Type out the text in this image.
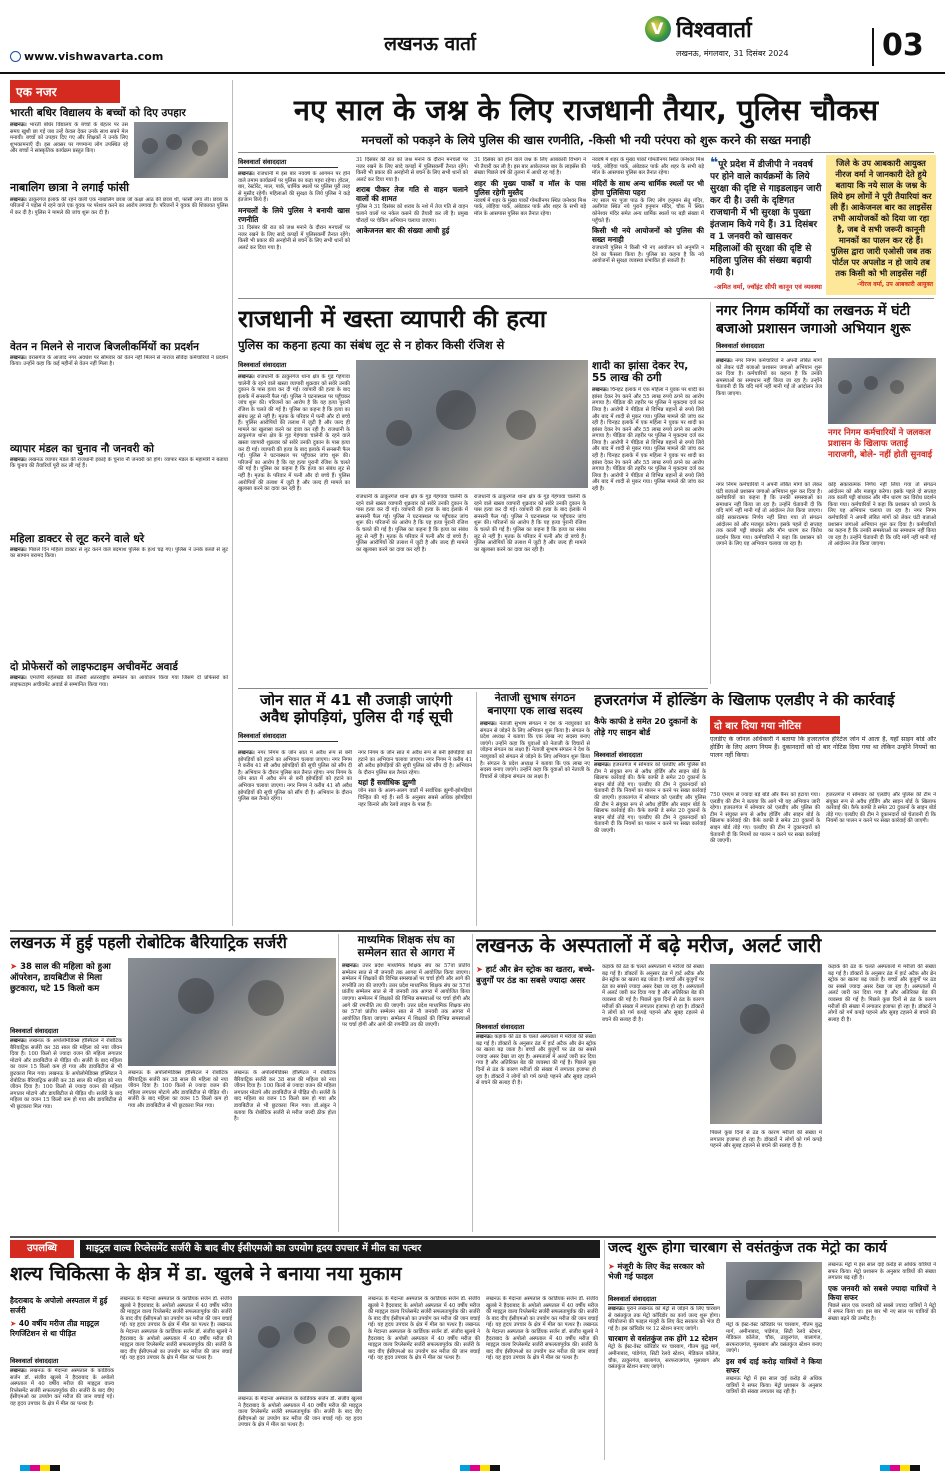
www.vishwavarta.com
लखनऊ वार्ता
V विश्ववार्ता
लखनऊ, मंगलवार, 31 दिसंबर 2024	03
एक नजर
भारती बधिर विद्यालय के बच्चों को दिए उपहार
लखनऊ। भारती बधिर विद्यालय के बच्चों के बेहतर पर उस समय खुशी छा गई जब उन्हें केवल देकर उनके साथ सबने मेल मनायी। बच्चों को उपहार दिए गए और शिक्षकों ने उनके लिए शुभकामनाएँ दी। इस अवसर पर गणमान्य लोग उपस्थित रहे और बच्चों ने सांस्कृतिक कार्यक्रम प्रस्तुत किए।
नाबालिग छात्रा ने लगाई फांसी
लखनऊ। ठाकुरगंज इलाके की रहने वाली एक नाबालिग छात्रा जो कक्षा आठ की छात्रा थी, फांसी लगा ली। छात्रा के परिजनों ने पड़ोस में रहने वाले एक युवक पर परेशान करने का आरोप लगाया है। परिजनों ने युवक की शिकायत पुलिस में कर दी है। पुलिस ने मामले की जांच शुरू कर दी है।
वेतन न मिलने से नाराज बिजलीकर्मियों का प्रदर्शन
लखनऊ। वरासगंज के आजाद नगर अवधेश पर सोमवार को वेतन नहीं मिलने से नाराज संविदा कर्मचारियों ने प्रदर्शन किया। उन्होंने कहा कि कई महीनों से वेतन नहीं मिला है।
व्यापार मंडल का चुनाव नौ जनवरी को
लखनऊ। लखनऊ व्यापार मंडल की राजधानी इकाई के चुनाव नौ जनवरी को होंगे। व्यापार मंडल के महामंत्री ने बताया कि चुनाव की तैयारियाँ पूरी कर ली गई हैं।
महिला डाक्टर से लूट करने वाले धरे
लखनऊ। पिछले दिन महिला डाक्टर से लूट करने वाले बदमाश पुलिस के हत्थे चढ़ गए। पुलिस ने उनके कब्जे से लूट का सामान बरामद किया।
दो प्रोफेसरों को लाइफटाइम अचीवमेंट अवार्ड
लखनऊ। एमजेपी रुहेलखंड की तीसरी अंतरराष्ट्रीय सम्मेलन का आयोजन किया गया जिसमें दो प्रोफेसरों को लाइफटाइम अचीवमेंट अवार्ड से सम्मानित किया गया।
नए साल के जश्न के लिए राजधानी तैयार, पुलिस चौकस
मनचलों को पकड़ने के लिये पुलिस की खास रणनीति, -किसी भी नयी परंपरा को शुरू करने की सख्त मनाही
विश्ववार्ता संवाददाता
लखनऊ। राजधानी में इस बार नववर्ष के आगमन पर होने वाले तमाम कार्यक्रमों पर पुलिस का कड़ा पहरा रहेगा। होटल, बार, रेस्टोरेंट, माल, पार्क, धार्मिक स्थलों पर पुलिस पूरी तरह से मुस्तैद रहेगी। महिलाओं की सुरक्षा के लिये पुलिस ने कड़े इंतजाम किये हैं।
मनचलों के लिये पुलिस ने बनायी खास रणनीति
31 दिसंबर की रात को जश्न मनाने के दौरान मनचलों पर नजर रखने के लिए सादे कपड़ों में पुलिसकर्मी तैनात रहेंगे। किसी भी प्रकार की अनहोनी से बचने के लिए सभी थानों को अलर्ट कर दिया गया है।
31 दिसंबर की रात को जश्न मनाने के दौरान मनचलों पर नजर रखने के लिए सादे कपड़ों में पुलिसकर्मी तैनात रहेंगे। किसी भी प्रकार की अनहोनी से बचने के लिए सभी थानों को अलर्ट कर दिया गया है।
शराब पीकर तेज गति से वाहन चलाने वालों की शामत
पुलिस ने 31 दिसंबर को शराब के नशे में तेज गति से वाहन चलाने वालों पर नकेल कसने की तैयारी कर ली है। प्रमुख चौराहों पर चेकिंग अभियान चलाया जाएगा।
आकेजनल बार की संख्या आधी हुई
31 दिसंबर को होने वाले जश्न के लिए आबकारी विभाग ने भी तैयारी कर ली है। इस बार आकेजनल बार के लाइसेंस की संख्या पिछले वर्ष की तुलना में आधी रह गई है।
शहर की मुख्य पार्कों व मॉल के पास पुलिस रहेगी मुस्तैद
नववर्ष में शहर के मुख्य पार्कों गोमतीनगर स्थित जनेश्वर मिश्र पार्क, लोहिया पार्क, अंबेडकर पार्क और शहर के सभी बड़े मॉल के आसपास पुलिस बल तैनात रहेगा।
नववर्ष में शहर के मुख्य पार्कों गोमतीनगर स्थित जनेश्वर मिश्र पार्क, लोहिया पार्क, अंबेडकर पार्क और शहर के सभी बड़े मॉल के आसपास पुलिस बल तैनात रहेगा।
मंदिरों के साथ अन्य धार्मिक स्थलों पर भी होगा पुलिसिया पहरा
नए साल पर पूजा पाठ के लिए लोग हनुमान सेतु मंदिर, अलीगंज स्थित नये पुराने हनुमान मंदिर, चौक में स्थित कोनेश्वर मंदिर समेत अन्य धार्मिक स्थलों पर बड़ी संख्या में पहुँचते हैं।
किसी भी नये आयोजनों को पुलिस की सख्त मनाही
राजधानी पुलिस ने किसी भी नए आयोजन को अनुमति न देने का फैसला किया है। पुलिस का कहना है कि नये आयोजनों से सुरक्षा व्यवस्था प्रभावित हो सकती है।
❝पूरे प्रदेश में डीजीपी ने नववर्ष पर होने वाले कार्यक्रमों के लिये सुरक्षा की दृष्टि से गाइडलाइन जारी कर दी है। उसी के दृष्टिगत राजधानी में भी सुरक्षा के पुख्ता इंतजाम किये गये हैं। 31 दिसंबर व 1 जनवरी को खासकर महिलाओं की सुरक्षा की दृष्टि से महिला पुलिस की संख्या बढ़ायी गयी है।
-अमित वर्मा, ज्वॉइंट सीपी कानून एवं व्यवस्था
जिले के उप आबकारी आयुक्त नीरज वर्मा ने जानकारी देते हुये बताया कि नये साल के जश्न के लिये हम लोगों ने पूरी तैयारियां कर ली हैं। आकेजनल बार का लाइसेंस तभी आयोजकों को दिया जा रहा है, जब वे सभी जरूरी कानूनी मानकों का पालन कर रहे हैं। पुलिस द्वारा जारी एओसी जब तक पोर्टल पर अपलोड न हो जाये तब तक किसी को भी लाइसेंस नहीं
-नीरज वर्मा, उप आबकारी आयुक्त
राजधानी में खस्ता व्यापारी की हत्या
पुलिस का कहना हत्या का संबंध लूट से न होकर किसी रंजिश से
विश्ववार्ता संवाददाता
लखनऊ। राजधानी के ठाकुरगंज थाना क्षेत्र के गुड़ गेहंगावा चालेनी के रहने वाले खस्ता व्यापारी शुक्रवार को सवेरे उनकी दुकान के पास हत्या कर दी गई। व्यापारी की हत्या के बाद इलाके में सनसनी फैल गई। पुलिस ने घटनास्थल पर पहुँचकर जांच शुरू की। परिजनों का आरोप है कि यह हत्या पुरानी रंजिश के चलते की गई है। पुलिस का कहना है कि हत्या का संबंध लूट से नहीं है। मृतक के परिवार में पत्नी और दो बच्चे हैं। पुलिस आरोपियों की तलाश में जुटी है और जल्द ही मामले का खुलासा करने का दावा कर रही है। राजधानी के ठाकुरगंज थाना क्षेत्र के गुड़ गेहंगावा चालेनी के रहने वाले खस्ता व्यापारी शुक्रवार को सवेरे उनकी दुकान के पास हत्या कर दी गई। व्यापारी की हत्या के बाद इलाके में सनसनी फैल गई। पुलिस ने घटनास्थल पर पहुँचकर जांच शुरू की। परिजनों का आरोप है कि यह हत्या पुरानी रंजिश के चलते की गई है। पुलिस का कहना है कि हत्या का संबंध लूट से नहीं है। मृतक के परिवार में पत्नी और दो बच्चे हैं। पुलिस आरोपियों की तलाश में जुटी है और जल्द ही मामले का खुलासा करने का दावा कर रही है।
राजधानी के ठाकुरगंज थाना क्षेत्र के गुड़ गेहंगावा चालेनी के रहने वाले खस्ता व्यापारी शुक्रवार को सवेरे उनकी दुकान के पास हत्या कर दी गई। व्यापारी की हत्या के बाद इलाके में सनसनी फैल गई। पुलिस ने घटनास्थल पर पहुँचकर जांच शुरू की। परिजनों का आरोप है कि यह हत्या पुरानी रंजिश के चलते की गई है। पुलिस का कहना है कि हत्या का संबंध लूट से नहीं है। मृतक के परिवार में पत्नी और दो बच्चे हैं। पुलिस आरोपियों की तलाश में जुटी है और जल्द ही मामले का खुलासा करने का दावा कर रही है।
राजधानी के ठाकुरगंज थाना क्षेत्र के गुड़ गेहंगावा चालेनी के रहने वाले खस्ता व्यापारी शुक्रवार को सवेरे उनकी दुकान के पास हत्या कर दी गई। व्यापारी की हत्या के बाद इलाके में सनसनी फैल गई। पुलिस ने घटनास्थल पर पहुँचकर जांच शुरू की। परिजनों का आरोप है कि यह हत्या पुरानी रंजिश के चलते की गई है। पुलिस का कहना है कि हत्या का संबंध लूट से नहीं है। मृतक के परिवार में पत्नी और दो बच्चे हैं। पुलिस आरोपियों की तलाश में जुटी है और जल्द ही मामले का खुलासा करने का दावा कर रही है।
शादी का झांसा देकर रेप, 55 लाख की ठगी
लखनऊ। चिनहट इलाके में एक महिला ने युवक पर शादी का झांसा देकर रेप करने और 55 लाख रुपये ठगने का आरोप लगाया है। पीड़िता की तहरीर पर पुलिस ने मुकदमा दर्ज कर लिया है। आरोपी ने पीड़िता से विभिन्न बहानों से रुपये लिये और बाद में शादी से मुकर गया। पुलिस मामले की जांच कर रही है। चिनहट इलाके में एक महिला ने युवक पर शादी का झांसा देकर रेप करने और 55 लाख रुपये ठगने का आरोप लगाया है। पीड़िता की तहरीर पर पुलिस ने मुकदमा दर्ज कर लिया है। आरोपी ने पीड़िता से विभिन्न बहानों से रुपये लिये और बाद में शादी से मुकर गया। पुलिस मामले की जांच कर रही है। चिनहट इलाके में एक महिला ने युवक पर शादी का झांसा देकर रेप करने और 55 लाख रुपये ठगने का आरोप लगाया है। पीड़िता की तहरीर पर पुलिस ने मुकदमा दर्ज कर लिया है। आरोपी ने पीड़िता से विभिन्न बहानों से रुपये लिये और बाद में शादी से मुकर गया। पुलिस मामले की जांच कर रही है।
नगर निगम कर्मियों का लखनऊ में घंटी बजाओ प्रशासन जगाओ अभियान शुरू
विश्ववार्ता संवाददाता
लखनऊ। नगर निगम कर्मचारियों ने अपनी लंबित मांगों को लेकर घंटी बजाओ प्रशासन जगाओ अभियान शुरू कर दिया है। कर्मचारियों का कहना है कि उनकी समस्याओं का समाधान नहीं किया जा रहा है। उन्होंने चेतावनी दी कि यदि मांगें नहीं मानी गईं तो आंदोलन तेज किया जाएगा।
नगर निगम कर्मचारियों ने जलकल प्रशासन के खिलाफ जताई नाराजगी, बोले- नहीं होती सुनवाई
नगर निगम कर्मचारियों ने अपनी लंबित मांगों को लेकर घंटी बजाओ प्रशासन जगाओ अभियान शुरू कर दिया है। कर्मचारियों का कहना है कि उनकी समस्याओं का समाधान नहीं किया जा रहा है। उन्होंने चेतावनी दी कि यदि मांगें नहीं मानी गईं तो आंदोलन तेज किया जाएगा। कोई सकारात्मक निर्णय नहीं लिया गया तो संगठन आंदोलन को और मजबूत करेगा। इसके पहले दो सप्ताह तक काली पट्टी बांधकर और मौन धारण कर विरोध प्रदर्शन किया गया। कर्मचारियों ने कहा कि प्रशासन को जगाने के लिए यह अभियान चलाया जा रहा है।
कोई सकारात्मक निर्णय नहीं लिया गया तो संगठन आंदोलन को और मजबूत करेगा। इसके पहले दो सप्ताह तक काली पट्टी बांधकर और मौन धारण कर विरोध प्रदर्शन किया गया। कर्मचारियों ने कहा कि प्रशासन को जगाने के लिए यह अभियान चलाया जा रहा है। नगर निगम कर्मचारियों ने अपनी लंबित मांगों को लेकर घंटी बजाओ प्रशासन जगाओ अभियान शुरू कर दिया है। कर्मचारियों का कहना है कि उनकी समस्याओं का समाधान नहीं किया जा रहा है। उन्होंने चेतावनी दी कि यदि मांगें नहीं मानी गईं तो आंदोलन तेज किया जाएगा।
जोन सात में 41 सौ उजाड़ी जाएंगी
अवैध झोपड़ियां, पुलिस दी गई सूची
विश्ववार्ता संवाददाता
लखनऊ। नगर निगम के जोन सात में अवैध रूप से बनी झोपड़ियों को हटाने का अभियान चलाया जाएगा। नगर निगम ने करीब 41 सौ अवैध झोपड़ियों की सूची पुलिस को सौंप दी है। अभियान के दौरान पुलिस बल तैनात रहेगा। नगर निगम के जोन सात में अवैध रूप से बनी झोपड़ियों को हटाने का अभियान चलाया जाएगा। नगर निगम ने करीब 41 सौ अवैध झोपड़ियों की सूची पुलिस को सौंप दी है। अभियान के दौरान पुलिस बल तैनात रहेगा।
नगर निगम के जोन सात में अवैध रूप से बनी झोपड़ियों को हटाने का अभियान चलाया जाएगा। नगर निगम ने करीब 41 सौ अवैध झोपड़ियों की सूची पुलिस को सौंप दी है। अभियान के दौरान पुलिस बल तैनात रहेगा।
यहां हैं सर्वाधिक झुग्गी
जोन सात के अलग-अलग वार्डों में सर्वाधिक झुग्गी-झोपड़ियां चिन्हित की गई हैं। सर्वे के अनुसार सबसे अधिक झोपड़ियां नहर किनारे और रेलवे लाइन के पास हैं।
नेताजी सुभाष संगठन बनाएगा एक लाख सदस्य
लखनऊ। नेताजी सुभाष संगठन ने देश के नवयुवकों को संगठन से जोड़ने के लिए अभियान शुरू किया है। संगठन के प्रदेश अध्यक्ष ने बताया कि एक लाख नए सदस्य बनाए जाएंगे। उन्होंने कहा कि युवाओं को नेताजी के विचारों से जोड़ना संगठन का लक्ष्य है। नेताजी सुभाष संगठन ने देश के नवयुवकों को संगठन से जोड़ने के लिए अभियान शुरू किया है। संगठन के प्रदेश अध्यक्ष ने बताया कि एक लाख नए सदस्य बनाए जाएंगे। उन्होंने कहा कि युवाओं को नेताजी के विचारों से जोड़ना संगठन का लक्ष्य है।
हजरतगंज में होल्डिंग के खिलाफ एलडीए ने की कार्रवाई
कैफे काफी डे समेत 20 दुकानों के तोड़े गए साइन बोर्ड
विश्ववार्ता संवाददाता
लखनऊ। हजरतगंज में सोमवार को एलडीए और पुलिस की टीम ने संयुक्त रूप से अवैध होर्डिंग और साइन बोर्ड के खिलाफ कार्रवाई की। कैफे काफी डे समेत 20 दुकानों के साइन बोर्ड तोड़े गए। एलडीए की टीम ने दुकानदारों को चेतावनी दी कि नियमों का पालन न करने पर सख्त कार्रवाई की जाएगी। हजरतगंज में सोमवार को एलडीए और पुलिस की टीम ने संयुक्त रूप से अवैध होर्डिंग और साइन बोर्ड के खिलाफ कार्रवाई की। कैफे काफी डे समेत 20 दुकानों के साइन बोर्ड तोड़े गए। एलडीए की टीम ने दुकानदारों को चेतावनी दी कि नियमों का पालन न करने पर सख्त कार्रवाई की जाएगी।
दो बार दिया गया नोटिस
एलडीए के जोनल अधिकारी ने बताया कि हजरतगंज हेरिटेज जोन में आता है, यहाँ साइन बोर्ड और होर्डिंग के लिए अलग नियम हैं। दुकानदारों को दो बार नोटिस दिया गया था लेकिन उन्होंने नियमों का पालन नहीं किया।
750 एमएम से ज्यादा बड़े बोर्ड और बैनर को हटाया गया। एलडीए की टीम ने बताया कि आगे भी यह अभियान जारी रहेगा। हजरतगंज में सोमवार को एलडीए और पुलिस की टीम ने संयुक्त रूप से अवैध होर्डिंग और साइन बोर्ड के खिलाफ कार्रवाई की। कैफे काफी डे समेत 20 दुकानों के साइन बोर्ड तोड़े गए। एलडीए की टीम ने दुकानदारों को चेतावनी दी कि नियमों का पालन न करने पर सख्त कार्रवाई की जाएगी।
हजरतगंज में सोमवार को एलडीए और पुलिस की टीम ने संयुक्त रूप से अवैध होर्डिंग और साइन बोर्ड के खिलाफ कार्रवाई की। कैफे काफी डे समेत 20 दुकानों के साइन बोर्ड तोड़े गए। एलडीए की टीम ने दुकानदारों को चेतावनी दी कि नियमों का पालन न करने पर सख्त कार्रवाई की जाएगी।
लखनऊ में हुई पहली रोबोटिक बैरियाट्रिक सर्जरी
➤ 38 साल की महिला को हुआ ऑपरेशन, डायबिटीज से मिला छुटकारा, घटे 15 किलो कम
विश्ववार्ता संवाददाता
लखनऊ। लखनऊ के अपोलोमेडिक्स हॉस्पिटल ने रोबोटिक बैरियाट्रिक सर्जरी कर 38 साल की महिला को नया जीवन दिया है। 100 किलो से ज्यादा वजन की महिला लगातार मोटापे और डायबिटीज से पीड़ित थी। सर्जरी के बाद महिला का वजन 15 किलो कम हो गया और डायबिटीज से भी छुटकारा मिल गया। लखनऊ के अपोलोमेडिक्स हॉस्पिटल ने रोबोटिक बैरियाट्रिक सर्जरी कर 38 साल की महिला को नया जीवन दिया है। 100 किलो से ज्यादा वजन की महिला लगातार मोटापे और डायबिटीज से पीड़ित थी। सर्जरी के बाद महिला का वजन 15 किलो कम हो गया और डायबिटीज से भी छुटकारा मिल गया।
लखनऊ के अपोलोमेडिक्स हॉस्पिटल ने रोबोटिक बैरियाट्रिक सर्जरी कर 38 साल की महिला को नया जीवन दिया है। 100 किलो से ज्यादा वजन की महिला लगातार मोटापे और डायबिटीज से पीड़ित थी। सर्जरी के बाद महिला का वजन 15 किलो कम हो गया और डायबिटीज से भी छुटकारा मिल गया।
लखनऊ के अपोलोमेडिक्स हॉस्पिटल ने रोबोटिक बैरियाट्रिक सर्जरी कर 38 साल की महिला को नया जीवन दिया है। 100 किलो से ज्यादा वजन की महिला लगातार मोटापे और डायबिटीज से पीड़ित थी। सर्जरी के बाद महिला का वजन 15 किलो कम हो गया और डायबिटीज से भी छुटकारा मिल गया। डॉ.अंकुर ने बताया कि रोबोटिक सर्जरी से मरीज जल्दी ठीक होता है।
माध्यमिक शिक्षक संघ का सम्मेलन सात से आगरा में
लखनऊ। उत्तर प्रदेश माध्यमिक शिक्षक संघ का 57वां प्रांतीय सम्मेलन सात से नौ जनवरी तक आगरा में आयोजित किया जाएगा। सम्मेलन में शिक्षकों की विभिन्न समस्याओं पर चर्चा होगी और आगे की रणनीति तय की जाएगी। उत्तर प्रदेश माध्यमिक शिक्षक संघ का 57वां प्रांतीय सम्मेलन सात से नौ जनवरी तक आगरा में आयोजित किया जाएगा। सम्मेलन में शिक्षकों की विभिन्न समस्याओं पर चर्चा होगी और आगे की रणनीति तय की जाएगी। उत्तर प्रदेश माध्यमिक शिक्षक संघ का 57वां प्रांतीय सम्मेलन सात से नौ जनवरी तक आगरा में आयोजित किया जाएगा। सम्मेलन में शिक्षकों की विभिन्न समस्याओं पर चर्चा होगी और आगे की रणनीति तय की जाएगी।
लखनऊ के अस्पतालों में बढ़े मरीज, अलर्ट जारी
➤ हार्ट और ब्रेन स्ट्रोक का खतरा, बच्चे-बुजुर्गों पर ठंड का सबसे ज्यादा असर
विश्ववार्ता संवाददाता
लखनऊ। कड़ाके की ठंड के चलते अस्पतालों में मरीजों की संख्या बढ़ गई है। डॉक्टरों के अनुसार ठंड में हार्ट अटैक और ब्रेन स्ट्रोक का खतरा बढ़ जाता है। बच्चों और बुजुर्गों पर ठंड का सबसे ज्यादा असर देखा जा रहा है। अस्पतालों में अलर्ट जारी कर दिया गया है और अतिरिक्त बेड की व्यवस्था की गई है। पिछले कुछ दिनों से ठंड के कारण मरीजों की संख्या में लगातार इजाफा हो रहा है। डॉक्टरों ने लोगों को गर्म कपड़े पहनने और सुबह टहलने से बचने की सलाह दी है।
कड़ाके की ठंड के चलते अस्पतालों में मरीजों की संख्या बढ़ गई है। डॉक्टरों के अनुसार ठंड में हार्ट अटैक और ब्रेन स्ट्रोक का खतरा बढ़ जाता है। बच्चों और बुजुर्गों पर ठंड का सबसे ज्यादा असर देखा जा रहा है। अस्पतालों में अलर्ट जारी कर दिया गया है और अतिरिक्त बेड की व्यवस्था की गई है। पिछले कुछ दिनों से ठंड के कारण मरीजों की संख्या में लगातार इजाफा हो रहा है। डॉक्टरों ने लोगों को गर्म कपड़े पहनने और सुबह टहलने से बचने की सलाह दी है।
पिछले कुछ दिनों से ठंड के कारण मरीजों की संख्या में लगातार इजाफा हो रहा है। डॉक्टरों ने लोगों को गर्म कपड़े पहनने और सुबह टहलने से बचने की सलाह दी है।
कड़ाके की ठंड के चलते अस्पतालों में मरीजों की संख्या बढ़ गई है। डॉक्टरों के अनुसार ठंड में हार्ट अटैक और ब्रेन स्ट्रोक का खतरा बढ़ जाता है। बच्चों और बुजुर्गों पर ठंड का सबसे ज्यादा असर देखा जा रहा है। अस्पतालों में अलर्ट जारी कर दिया गया है और अतिरिक्त बेड की व्यवस्था की गई है। पिछले कुछ दिनों से ठंड के कारण मरीजों की संख्या में लगातार इजाफा हो रहा है। डॉक्टरों ने लोगों को गर्म कपड़े पहनने और सुबह टहलने से बचने की सलाह दी है।
उपलब्धि	माइट्रल वाल्व रिप्लेसमेंट सर्जरी के बाद वीए ईसीएमओ का उपयोग हृदय उपचार में मील का पत्थर
शल्य चिकित्सा के क्षेत्र में डा. खुलबे ने बनाया नया मुकाम
हैदराबाद के अपोलो अस्पताल में हुई सर्जरी
➤ 40 वर्षीय मरीज तीव्र माइट्रल रिगर्जिटेशन से था पीड़ित
विश्ववार्ता संवाददाता
लखनऊ। लखनऊ के मेदान्ता अस्पताल के कार्डियक सर्जन डॉ. संजीव खुलबे ने हैदराबाद के अपोलो अस्पताल में 40 वर्षीय मरीज की माइट्रल वाल्व रिप्लेसमेंट सर्जरी सफलतापूर्वक की। सर्जरी के बाद वीए ईसीएमओ का उपयोग कर मरीज की जान बचाई गई। यह हृदय उपचार के क्षेत्र में मील का पत्थर है।
लखनऊ के मेदान्ता अस्पताल के कार्डियक सर्जन डॉ. संजीव खुलबे ने हैदराबाद के अपोलो अस्पताल में 40 वर्षीय मरीज की माइट्रल वाल्व रिप्लेसमेंट सर्जरी सफलतापूर्वक की। सर्जरी के बाद वीए ईसीएमओ का उपयोग कर मरीज की जान बचाई गई। यह हृदय उपचार के क्षेत्र में मील का पत्थर है। लखनऊ के मेदान्ता अस्पताल के कार्डियक सर्जन डॉ. संजीव खुलबे ने हैदराबाद के अपोलो अस्पताल में 40 वर्षीय मरीज की माइट्रल वाल्व रिप्लेसमेंट सर्जरी सफलतापूर्वक की। सर्जरी के बाद वीए ईसीएमओ का उपयोग कर मरीज की जान बचाई गई। यह हृदय उपचार के क्षेत्र में मील का पत्थर है।
लखनऊ के मेदान्ता अस्पताल के कार्डियक सर्जन डॉ. संजीव खुलबे ने हैदराबाद के अपोलो अस्पताल में 40 वर्षीय मरीज की माइट्रल वाल्व रिप्लेसमेंट सर्जरी सफलतापूर्वक की। सर्जरी के बाद वीए ईसीएमओ का उपयोग कर मरीज की जान बचाई गई। यह हृदय उपचार के क्षेत्र में मील का पत्थर है।
लखनऊ के मेदान्ता अस्पताल के कार्डियक सर्जन डॉ. संजीव खुलबे ने हैदराबाद के अपोलो अस्पताल में 40 वर्षीय मरीज की माइट्रल वाल्व रिप्लेसमेंट सर्जरी सफलतापूर्वक की। सर्जरी के बाद वीए ईसीएमओ का उपयोग कर मरीज की जान बचाई गई। यह हृदय उपचार के क्षेत्र में मील का पत्थर है। लखनऊ के मेदान्ता अस्पताल के कार्डियक सर्जन डॉ. संजीव खुलबे ने हैदराबाद के अपोलो अस्पताल में 40 वर्षीय मरीज की माइट्रल वाल्व रिप्लेसमेंट सर्जरी सफलतापूर्वक की। सर्जरी के बाद वीए ईसीएमओ का उपयोग कर मरीज की जान बचाई गई। यह हृदय उपचार के क्षेत्र में मील का पत्थर है।
लखनऊ के मेदान्ता अस्पताल के कार्डियक सर्जन डॉ. संजीव खुलबे ने हैदराबाद के अपोलो अस्पताल में 40 वर्षीय मरीज की माइट्रल वाल्व रिप्लेसमेंट सर्जरी सफलतापूर्वक की। सर्जरी के बाद वीए ईसीएमओ का उपयोग कर मरीज की जान बचाई गई। यह हृदय उपचार के क्षेत्र में मील का पत्थर है। लखनऊ के मेदान्ता अस्पताल के कार्डियक सर्जन डॉ. संजीव खुलबे ने हैदराबाद के अपोलो अस्पताल में 40 वर्षीय मरीज की माइट्रल वाल्व रिप्लेसमेंट सर्जरी सफलतापूर्वक की। सर्जरी के बाद वीए ईसीएमओ का उपयोग कर मरीज की जान बचाई गई। यह हृदय उपचार के क्षेत्र में मील का पत्थर है।
जल्द शुरू होगा चारबाग से वसंतकुंज तक मेट्रो का कार्य
➤ मंजूरी के लिए केंद्र सरकार को भेजी गई फाइल
विश्ववार्ता संवाददाता
लखनऊ। पुराने लखनऊ को मेट्रो से जोड़ने के लिए चारबाग से वसंतकुंज तक मेट्रो कॉरिडोर का कार्य जल्द शुरू होगा। परियोजना की फाइल मंजूरी के लिए केंद्र सरकार को भेज दी गई है। इस कॉरिडोर पर 12 स्टेशन बनाए जाएंगे।
चारबाग से वसंतकुंज तक होंगे 12 स्टेशन
मेट्रो के ईस्ट-वेस्ट कॉरिडोर पर चारबाग, गौतम बुद्ध मार्ग, अमीनाबाद, पांडेगंज, सिटी रेलवे स्टेशन, मेडिकल कॉलेज, चौक, ठाकुरगंज, बालागंज, सरफराजगंज, मूसाबाग और वसंतकुंज स्टेशन बनाए जाएंगे।
मेट्रो के ईस्ट-वेस्ट कॉरिडोर पर चारबाग, गौतम बुद्ध मार्ग, अमीनाबाद, पांडेगंज, सिटी रेलवे स्टेशन, मेडिकल कॉलेज, चौक, ठाकुरगंज, बालागंज, सरफराजगंज, मूसाबाग और वसंतकुंज स्टेशन बनाए जाएंगे।
इस वर्ष दाई करोड़ यात्रियों ने किया सफर
लखनऊ मेट्रो में इस साल दाई करोड़ से अधिक यात्रियों ने सफर किया। मेट्रो प्रशासन के अनुसार यात्रियों की संख्या लगातार बढ़ रही है।
लखनऊ मेट्रो में इस साल दाई करोड़ से अधिक यात्रियों ने सफर किया। मेट्रो प्रशासन के अनुसार यात्रियों की संख्या लगातार बढ़ रही है।
एक जनवरी को सबसे ज्यादा यात्रियों ने किया सफर
पिछले साल एक जनवरी को सबसे ज्यादा यात्रियों ने मेट्रो में सफर किया था। इस बार भी नए साल पर यात्रियों की संख्या बढ़ने की उम्मीद है।
